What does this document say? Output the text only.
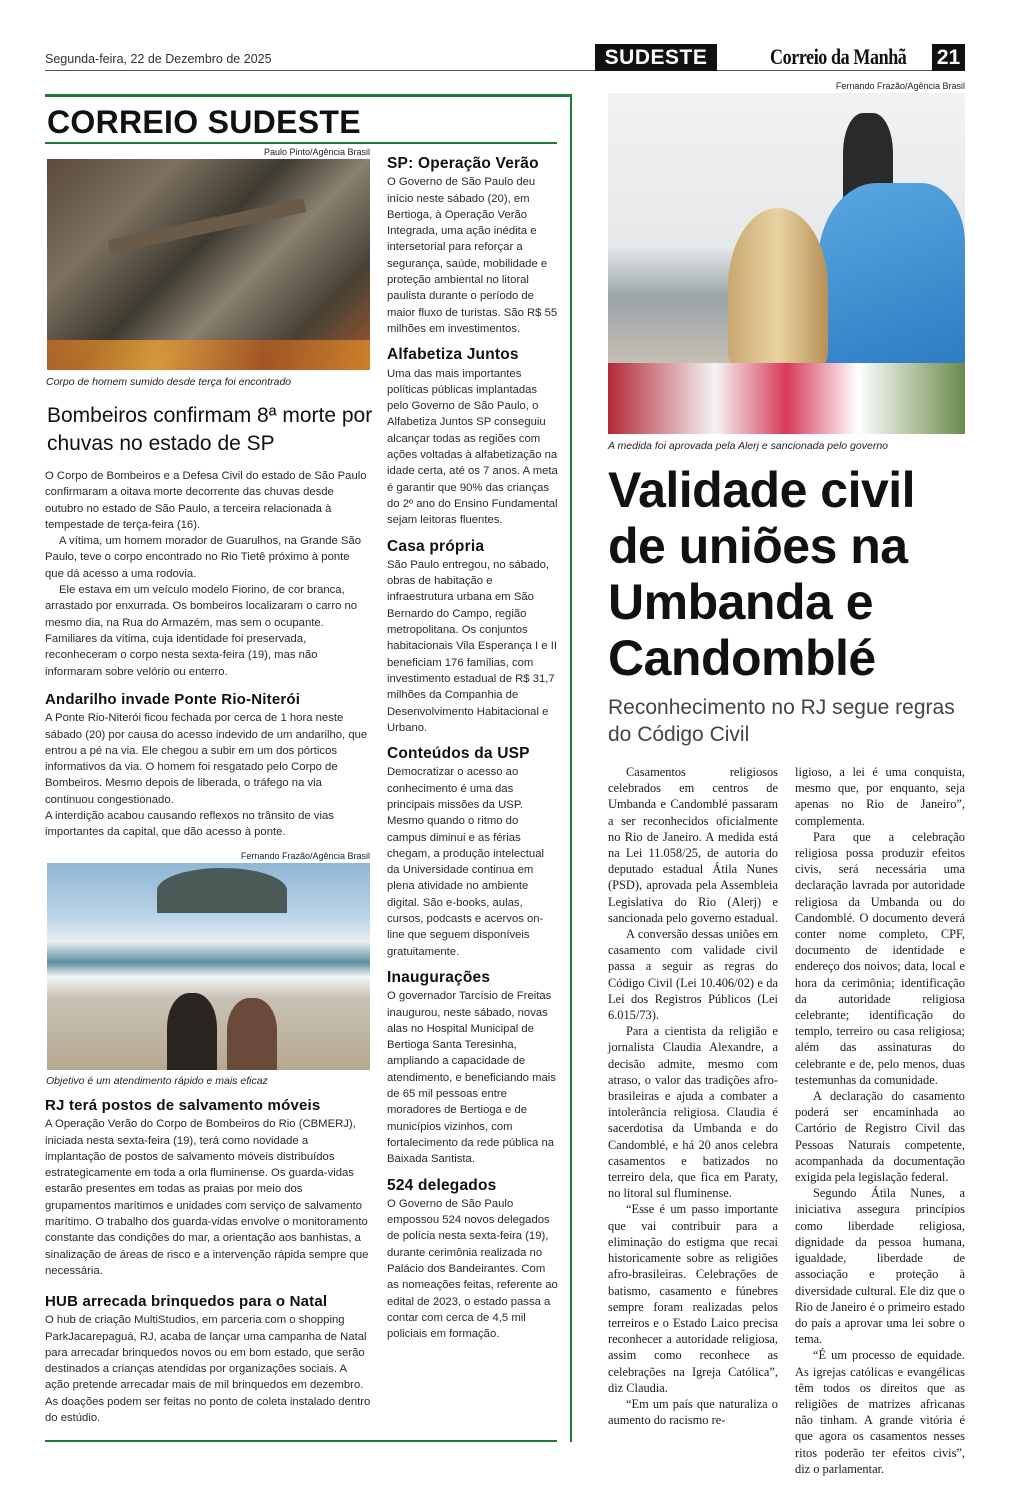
Segunda-feira, 22 de Dezembro de 2025	SUDESTE	Correio da Manhã 21
CORREIO SUDESTE
Paulo Pinto/Agência Brasil
Corpo de homem sumido desde terça foi encontrado
Bombeiros confirmam 8ª morte por chuvas no estado de SP

O Corpo de Bombeiros e a Defesa Civil do estado de São Paulo confirmaram a oitava morte decorrente das chuvas desde outubro no estado de São Paulo, a terceira relacionada à tempestade de terça-feira (16).

A vítima, um homem morador de Guarulhos, na Grande São Paulo, teve o corpo encontrado no Rio Tietê próximo à ponte que dá acesso a uma rodovia.

Ele estava em um veículo modelo Fiorino, de cor branca, arrastado por enxurrada. Os bombeiros localizaram o carro no mesmo dia, na Rua do Armazém, mas sem o ocupante. Familiares da vítima, cuja identidade foi preservada, reconheceram o corpo nesta sexta-feira (19), mas não informaram sobre velório ou enterro.

Andarilho invade Ponte Rio-Niterói

A Ponte Rio-Niterói ficou fechada por cerca de 1 hora neste sábado (20) por causa do acesso indevido de um andarilho, que entrou a pé na via. Ele chegou a subir em um dos pórticos informativos da via. O homem foi resgatado pelo Corpo de Bombeiros. Mesmo depois de liberada, o tráfego na via continuou congestionado.

A interdição acabou causando reflexos no trânsito de vias importantes da capital, que dão acesso à ponte.

Fernando Frazão/Agência Brasil
Objetivo é um atendimento rápido e mais eficaz
RJ terá postos de salvamento móveis

A Operação Verão do Corpo de Bombeiros do Rio (CBMERJ), iniciada nesta sexta-feira (19), terá como novidade a implantação de postos de salvamento móveis distribuídos estrategicamente em toda a orla fluminense. Os guarda-vidas estarão presentes em todas as praias por meio dos grupamentos marítimos e unidades com serviço de salvamento marítimo. O trabalho dos guarda-vidas envolve o monitoramento constante das condições do mar, a orientação aos banhistas, a sinalização de áreas de risco e a intervenção rápida sempre que necessária.

HUB arrecada brinquedos para o Natal

O hub de criação MultiStudios, em parceria com o shopping ParkJacarepaguá, RJ, acaba de lançar uma campanha de Natal para arrecadar brinquedos novos ou em bom estado, que serão destinados a crianças atendidas por organizações sociais. A ação pretende arrecadar mais de mil brinquedos em dezembro. As doações podem ser feitas no ponto de coleta instalado dentro do estúdio.

SP: Operação Verão

O Governo de São Paulo deu início neste sábado (20), em Bertioga, à Operação Verão Integrada, uma ação inédita e intersetorial para reforçar a segurança, saúde, mobilidade e proteção ambiental no litoral paulista durante o período de maior fluxo de turistas. São R$ 55 milhões em investimentos.

Alfabetiza Juntos

Uma das mais importantes políticas públicas implantadas pelo Governo de São Paulo, o Alfabetiza Juntos SP conseguiu alcançar todas as regiões com ações voltadas à alfabetização na idade certa, até os 7 anos. A meta é garantir que 90% das crianças do 2º ano do Ensino Fundamental sejam leitoras fluentes.

Casa própria

São Paulo entregou, no sábado, obras de habitação e infraestrutura urbana em São Bernardo do Campo, região metropolitana. Os conjuntos habitacionais Vila Esperança I e II beneficiam 176 famílias, com investimento estadual de R$ 31,7 milhões da Companhia de Desenvolvimento Habitacional e Urbano.

Conteúdos da USP

Democratizar o acesso ao conhecimento é uma das principais missões da USP. Mesmo quando o ritmo do campus diminui e as férias chegam, a produção intelectual da Universidade continua em plena atividade no ambiente digital. São e-books, aulas, cursos, podcasts e acervos on-line que seguem disponíveis gratuitamente.

Inaugurações

O governador Tarcísio de Freitas inaugurou, neste sábado, novas alas no Hospital Municipal de Bertioga Santa Teresinha, ampliando a capacidade de atendimento, e beneficiando mais de 65 mil pessoas entre moradores de Bertioga e de municípios vizinhos, com fortalecimento da rede pública na Baixada Santista.

524 delegados

O Governo de São Paulo empossou 524 novos delegados de polícia nesta sexta-feira (19), durante cerimônia realizada no Palácio dos Bandeirantes. Com as nomeações feitas, referente ao edital de 2023, o estado passa a contar com cerca de 4,5 mil policiais em formação.

Fernando Frazão/Agência Brasil
A medida foi aprovada pela Alerj e sancionada pelo governo
Validade civil de uniões na Umbanda e Candomblé
Reconhecimento no RJ segue regras do Código Civil

Casamentos religiosos celebrados em centros de Umbanda e Candomblé passaram a ser reconhecidos oficialmente no Rio de Janeiro. A medida está na Lei 11.058/25, de autoria do deputado estadual Átila Nunes (PSD), aprovada pela Assembleia Legislativa do Rio (Alerj) e sancionada pelo governo estadual.

A conversão dessas uniões em casamento com validade civil passa a seguir as regras do Código Civil (Lei 10.406/02) e da Lei dos Registros Públicos (Lei 6.015/73).

Para a cientista da religião e jornalista Claudia Alexandre, a decisão admite, mesmo com atraso, o valor das tradições afro-brasileiras e ajuda a combater a intolerância religiosa. Claudia é sacerdotisa da Umbanda e do Candomblé, e há 20 anos celebra casamentos e batizados no terreiro dela, que fica em Paraty, no litoral sul fluminense.

“Esse é um passo importante que vai contribuir para a eliminação do estigma que recai historicamente sobre as religiões afro-brasileiras. Celebrações de batismo, casamento e fúnebres sempre foram realizadas pelos terreiros e o Estado Laico precisa reconhecer a autoridade religiosa, assim como reconhece as celebrações na Igreja Católica”, diz Claudia.

“Em um país que naturaliza o aumento do racismo re-

ligioso, a lei é uma conquista, mesmo que, por enquanto, seja apenas no Rio de Janeiro”, complementa.

Para que a celebração religiosa possa produzir efeitos civis, será necessária uma declaração lavrada por autoridade religiosa da Umbanda ou do Candomblé. O documento deverá conter nome completo, CPF, documento de identidade e endereço dos noivos; data, local e hora da cerimônia; identificação da autoridade religiosa celebrante; identificação do templo, terreiro ou casa religiosa; além das assinaturas do celebrante e de, pelo menos, duas testemunhas da comunidade.

A declaração do casamento poderá ser encaminhada ao Cartório de Registro Civil das Pessoas Naturais competente, acompanhada da documentação exigida pela legislação federal.

Segundo Átila Nunes, a iniciativa assegura princípios como liberdade religiosa, dignidade da pessoa humana, igualdade, liberdade de associação e proteção à diversidade cultural. Ele diz que o Rio de Janeiro é o primeiro estado do país a aprovar uma lei sobre o tema.

“É um processo de equidade. As igrejas católicas e evangélicas têm todos os direitos que as religiões de matrizes africanas não tinham. A grande vitória é que agora os casamentos nesses ritos poderão ter efeitos civis”, diz o parlamentar.
